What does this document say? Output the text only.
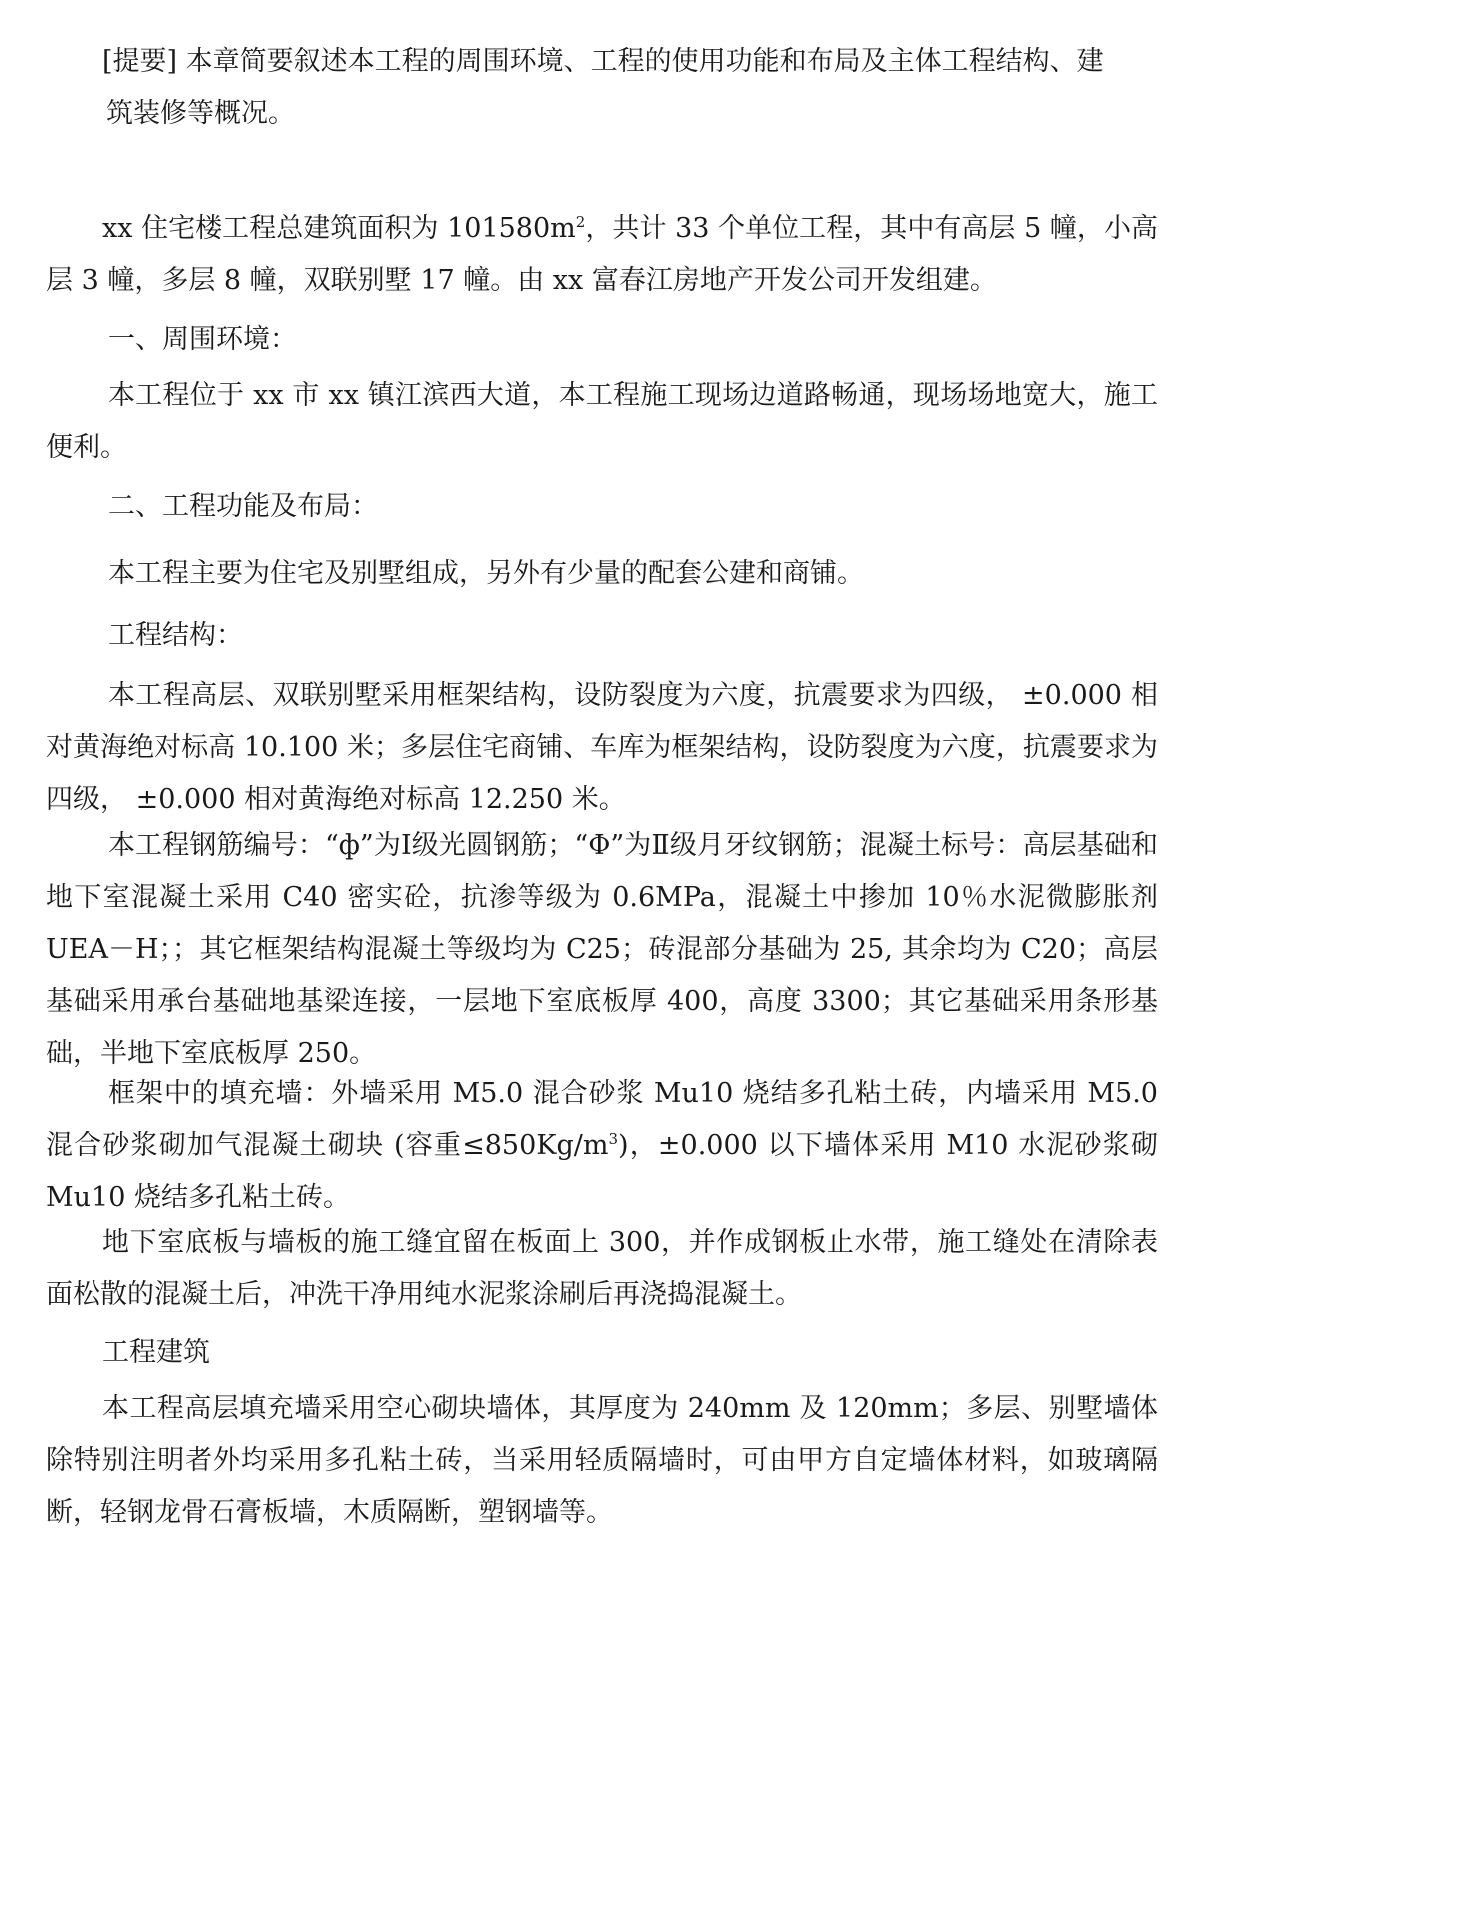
[提要] 本章简要叙述本工程的周围环境、工程的使用功能和布局及主体工程结构、建
筑装修等概况。

xx 住宅楼工程总建筑面积为 $101580m^2$，共计 33 个单位工程，其中有高层 5 幢，小高层 3 幢，多层 8 幢，双联别墅 17 幢。由 xx 富春江房地产开发公司开发组建。

一、周围环境：

本工程位于 xx 市 xx 镇江滨西大道，本工程施工现场边道路畅通，现场场地宽大，施工便利。

二、工程功能及布局：

本工程主要为住宅及别墅组成，另外有少量的配套公建和商铺。

工程结构：

本工程高层、双联别墅采用框架结构，设防裂度为六度，抗震要求为四级， ±0.000 相对黄海绝对标高 10.100 米；多层住宅商铺、车库为框架结构，设防裂度为六度，抗震要求为四级， ±0.000 相对黄海绝对标高 12.250 米。

本工程钢筋编号：“ф”为Ⅰ级光圆钢筋；“Φ”为Ⅱ级月牙纹钢筋；混凝土标号：高层基础和地下室混凝土采用 C40 密实砼，抗渗等级为 0.6MPa，混凝土中掺加 10％水泥微膨胀剂 UEA－H；；其它框架结构混凝土等级均为 C25；砖混部分基础为 25, 其余均为 C20；高层基础采用承台基础地基梁连接，一层地下室底板厚 400，高度 3300；其它基础采用条形基础，半地下室底板厚 250。

框架中的填充墙：外墙采用 M5.0 混合砂浆 Mu10 烧结多孔粘土砖，内墙采用 M5.0 混合砂浆砌加气混凝土砌块 (容重$\le 850Kg/m^3$)，±0.000 以下墙体采用 M10 水泥砂浆砌 Mu10 烧结多孔粘土砖。

地下室底板与墙板的施工缝宜留在板面上 300，并作成钢板止水带，施工缝处在清除表面松散的混凝土后，冲洗干净用纯水泥浆涂刷后再浇捣混凝土。

工程建筑

本工程高层填充墙采用空心砌块墙体，其厚度为 240mm 及 120mm；多层、别墅墙体除特别注明者外均采用多孔粘土砖，当采用轻质隔墙时，可由甲方自定墙体材料，如玻璃隔断，轻钢龙骨石膏板墙，木质隔断，塑钢墙等。
